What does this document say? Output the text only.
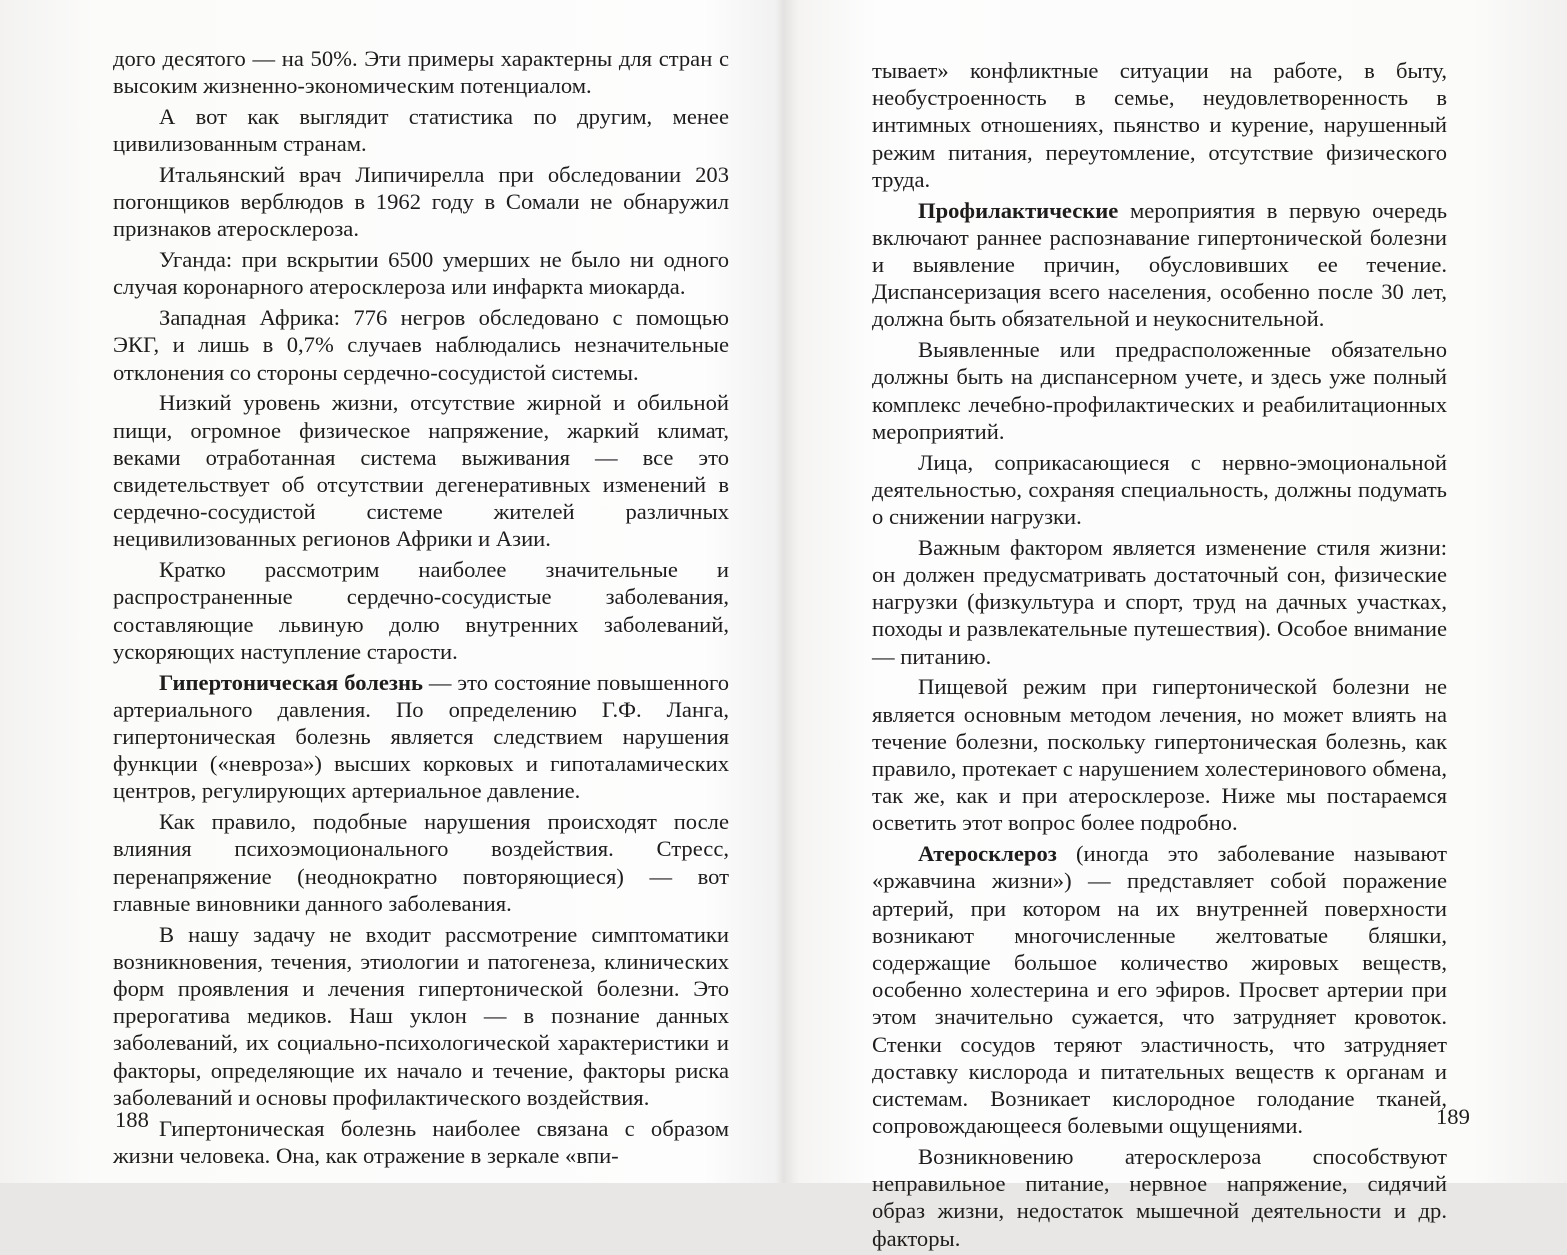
дого десятого — на 50%. Эти примеры характерны для стран с высоким жизненно-экономическим потенциалом.

А вот как выглядит статистика по другим, менее цивилизованным странам.

Итальянский врач Липичирелла при обследовании 203 погонщиков верблюдов в 1962 году в Сомали не обнаружил признаков атеросклероза.

Уганда: при вскрытии 6500 умерших не было ни одного случая коронарного атеросклероза или инфаркта миокарда.

Западная Африка: 776 негров обследовано с помощью ЭКГ, и лишь в 0,7% случаев наблюдались незначительные отклонения со стороны сердечно-сосудистой системы.

Низкий уровень жизни, отсутствие жирной и обильной пищи, огромное физическое напряжение, жаркий климат, веками отработанная система выживания — все это свидетельствует об отсутствии дегенеративных изменений в сердечно-сосудистой системе жителей различных нецивилизованных регионов Африки и Азии.

Кратко рассмотрим наиболее значительные и распространенные сердечно-сосудистые заболевания, составляющие львиную долю внутренних заболеваний, ускоряющих наступление старости.

Гипертоническая болезнь — это состояние повышенного артериального давления. По определению Г.Ф. Ланга, гипертоническая болезнь является следствием нарушения функции («невроза») высших корковых и гипоталамических центров, регулирующих артериальное давление.

Как правило, подобные нарушения происходят после влияния психоэмоционального воздействия. Стресс, перенапряжение (неоднократно повторяющиеся) — вот главные виновники данного заболевания.

В нашу задачу не входит рассмотрение симптоматики возникновения, течения, этиологии и патогенеза, клинических форм проявления и лечения гипертонической болезни. Это прерогатива медиков. Наш уклон — в познание данных заболеваний, их социально-психологической характеристики и факторы, определяющие их начало и течение, факторы риска заболеваний и основы профилактического воздействия.

Гипертоническая болезнь наиболее связана с образом жизни человека. Она, как отражение в зеркале «впи-

188

тывает» конфликтные ситуации на работе, в быту, необустроенность в семье, неудовлетворенность в интимных отношениях, пьянство и курение, нарушенный режим питания, переутомление, отсутствие физического труда.

Профилактические мероприятия в первую очередь включают раннее распознавание гипертонической болезни и выявление причин, обусловивших ее течение. Диспансеризация всего населения, особенно после 30 лет, должна быть обязательной и неукоснительной.

Выявленные или предрасположенные обязательно должны быть на диспансерном учете, и здесь уже полный комплекс лечебно-профилактических и реабилитационных мероприятий.

Лица, соприкасающиеся с нервно-эмоциональной деятельностью, сохраняя специальность, должны подумать о снижении нагрузки.

Важным фактором является изменение стиля жизни: он должен предусматривать достаточный сон, физические нагрузки (физкультура и спорт, труд на дачных участках, походы и развлекательные путешествия). Особое внимание — питанию.

Пищевой режим при гипертонической болезни не является основным методом лечения, но может влиять на течение болезни, поскольку гипертоническая болезнь, как правило, протекает с нарушением холестеринового обмена, так же, как и при атеросклерозе. Ниже мы постараемся осветить этот вопрос более подробно.

Атеросклероз (иногда это заболевание называют «ржавчина жизни») — представляет собой поражение артерий, при котором на их внутренней поверхности возникают многочисленные желтоватые бляшки, содержащие большое количество жировых веществ, особенно холестерина и его эфиров. Просвет артерии при этом значительно сужается, что затрудняет кровоток. Стенки сосудов теряют эластичность, что затрудняет доставку кислорода и питательных веществ к органам и системам. Возникает кислородное голодание тканей, сопровождающееся болевыми ощущениями.

Возникновению атеросклероза способствуют неправильное питание, нервное напряжение, сидячий образ жизни, недостаток мышечной деятельности и др. факторы.

189
